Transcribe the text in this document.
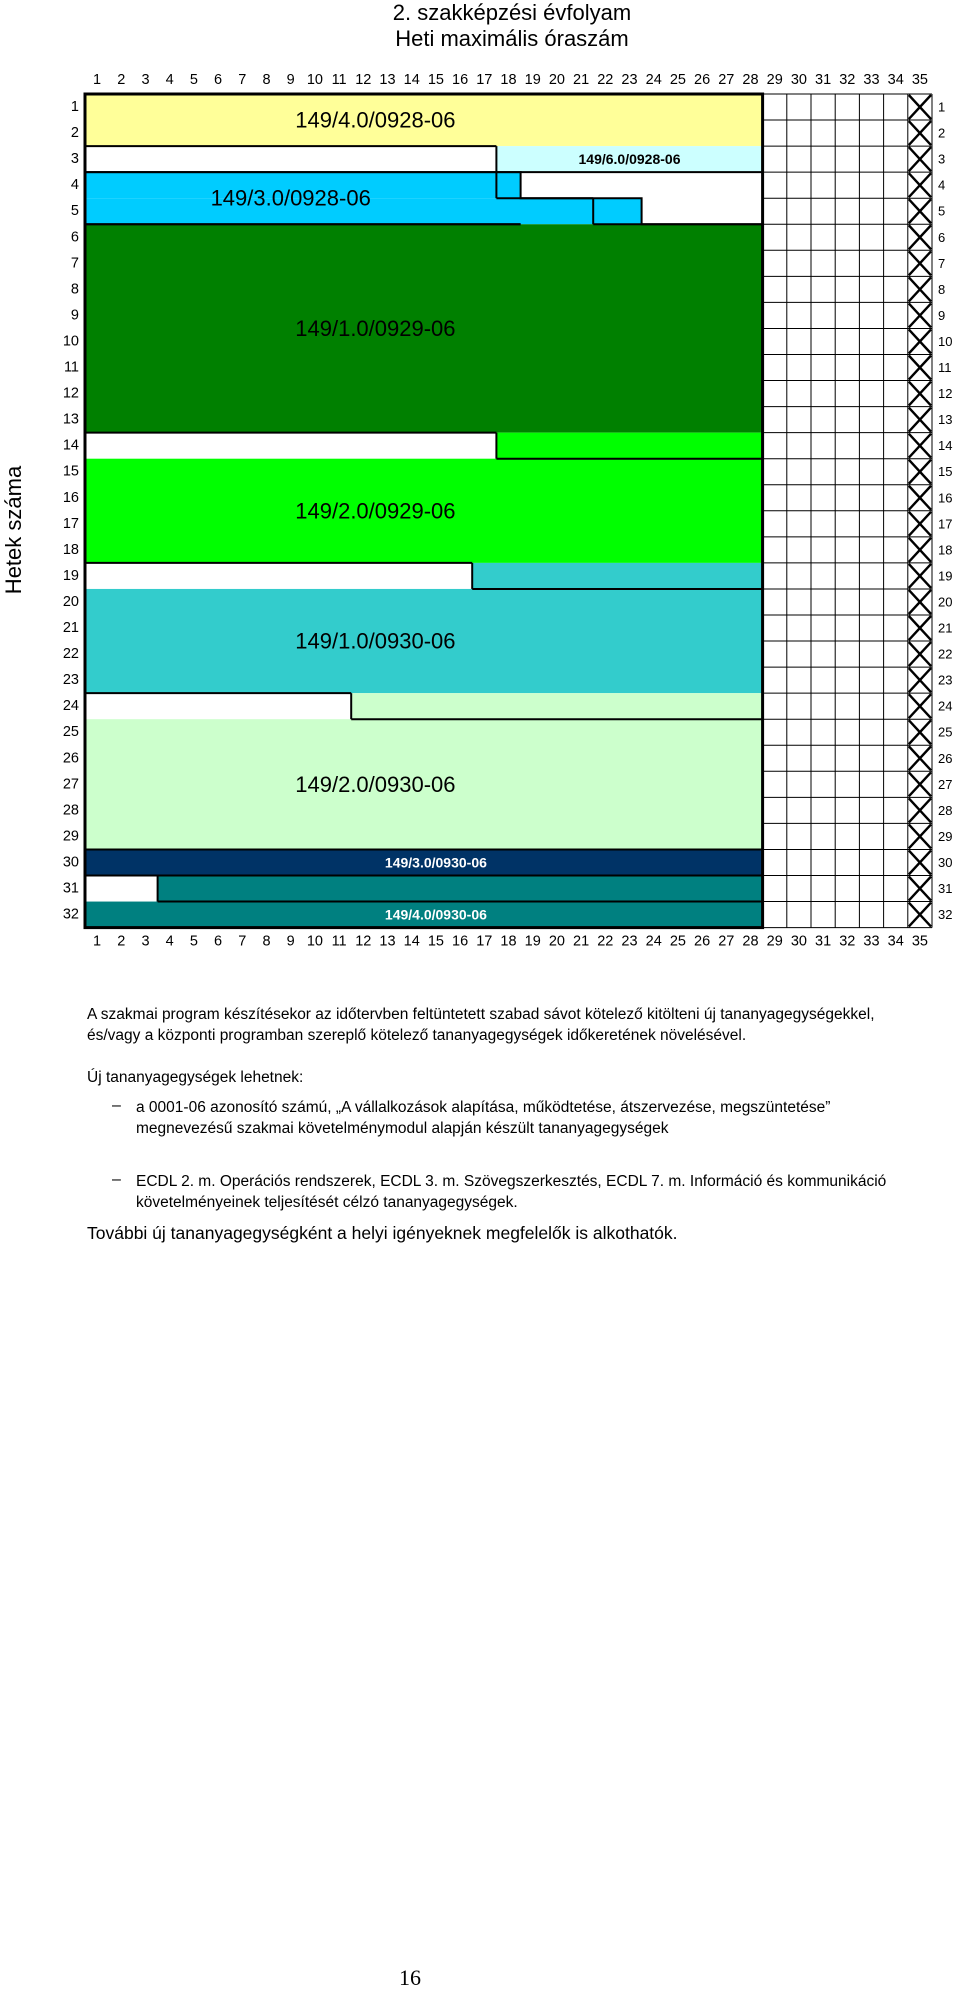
2. szakképzési évfolyam
Heti maximális óraszám
Hetek száma
149/4.0/0928-06
149/6.0/0928-06
149/3.0/0928-06
149/1.0/0929-06
149/2.0/0929-06
149/1.0/0930-06
149/2.0/0930-06
149/3.0/0930-06
149/4.0/0930-06
1
1
2
2
3
3
4
4
5
5
6
6
7
7
8
8
9
9
10
10
11
11
12
12
13
13
14
14
15
15
16
16
17
17
18
18
19
19
20
20
21
21
22
22
23
23
24
24
25
25
26
26
27
27
28
28
29
29
30
30
31
31
32
32
33
33
34
34
35
35
1	1
2	2
3	3
4	4
5	5
6	6
7	7
8	8
9	9
10	10
11	11
12	12
13	13
14	14
15	15
16	16
17	17
18	18
19	19
20	20
21	21
22	22
23	23
24	24
25	25
26	26
27	27
28	28
29	29
30	30
31	31
32	32
A szakmai program készítésekor az időtervben feltüntetett szabad sávot kötelező kitölteni új tananyagegységekkel, és/vagy a központi programban szereplő kötelező tananyagegységek időkeretének növelésével.
Új tananyagegységek lehetnek:
– a 0001-06 azonosító számú, „A vállalkozások alapítása, működtetése, átszervezése, megszüntetése” megnevezésű szakmai követelménymodul alapján készült tananyagegységek
– ECDL 2. m. Operációs rendszerek, ECDL 3. m. Szövegszerkesztés, ECDL 7. m. Információ és kommunikáció követelményeinek teljesítését célzó tananyagegységek.
További új tananyagegységként a helyi igényeknek megfelelők is alkothatók.
16
